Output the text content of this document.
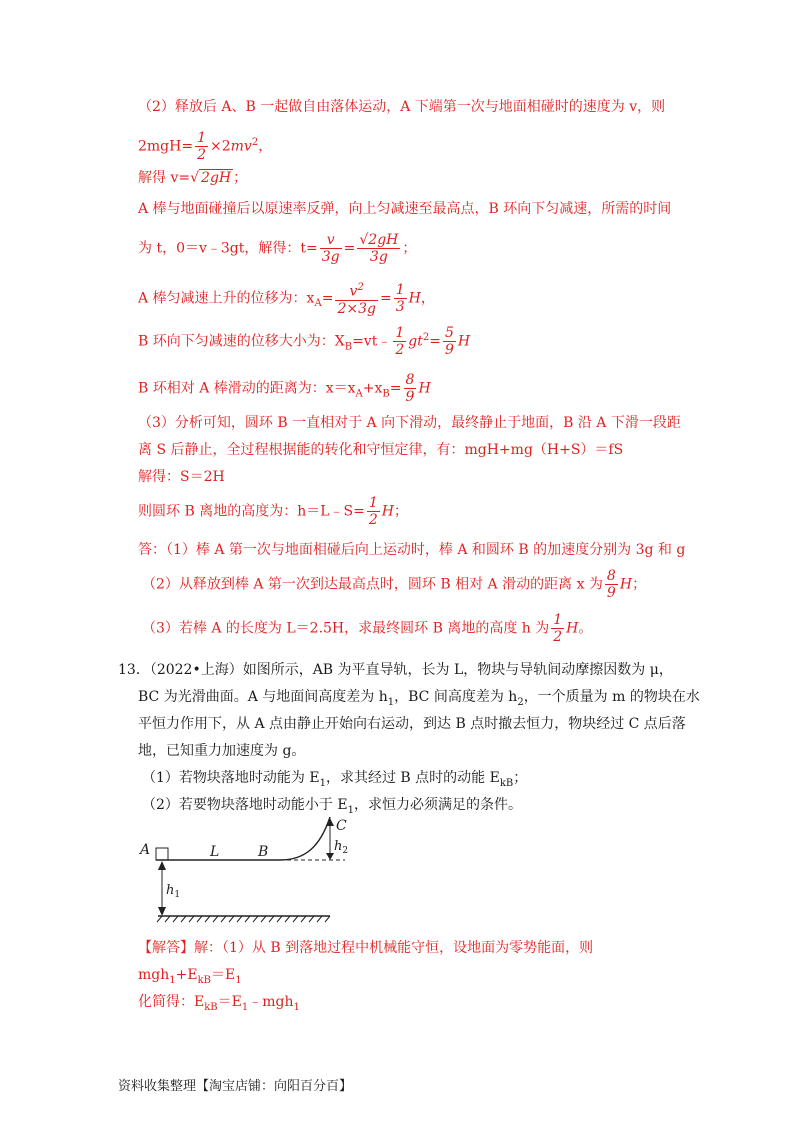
（2）释放后 A、B 一起做自由落体运动，A 下端第一次与地面相碰时的速度为 v，则
$2mgH= \frac{1}{2} \times 2mv^2$，
解得 v=√ 2gH ；
A 棒与地面碰撞后以原速率反弹，向上匀减速至最高点，B 环向下匀减速，所需的时间
为 t，0＝v﹣3gt，解得：$t= \frac{v}{3g} = \frac{√2gH}{3g}$ ；
A 棒匀减速上升的位移为：$x_A= \frac{v^2}{2\times 3g} = \frac{1}{3}$ H，
B 环向下匀减速的位移大小为：$X_B=vt﹣ \frac{1}{2} gt^2= \frac{5}{9}$ H
B 环相对 A 棒滑动的距离为：$x=x_A+x_B= \frac{8}{9}$ H
（3）分析可知，圆环 B 一直相对于 A 向下滑动，最终静止于地面，B 沿 A 下滑一段距
离 S 后静止，全过程根据能的转化和守恒定律，有：mgH+mg（H+S）＝fS
解得：S＝2H
则圆环 B 离地的高度为：h＝L﹣S= $\frac{1}{2}$ H；
答：（1）棒 A 第一次与地面相碰后向上运动时，棒 A 和圆环 B 的加速度分别为 3g 和 g
（2）从释放到棒 A 第一次到达最高点时，圆环 B 相对 A 滑动的距离 x 为 $\frac{8}{9}$ H；
（3）若棒 A 的长度为 L＝2.5H，求最终圆环 B 离地的高度 h 为 $\frac{1}{2}$ H。
13．（2022•上海）如图所示，AB 为平直导轨，长为 L，物块与导轨间动摩擦因数为 μ，
BC 为光滑曲面。A 与地面间高度差为 $h_1$，BC 间高度差为 $h_2$，一个质量为 m 的物块在水
平恒力作用下，从 A 点由静止开始向右运动，到达 B 点时撤去恒力，物块经过 C 点后落
地，已知重力加速度为 g。
（1）若物块落地时动能为 $E_1$，求其经过 B 点时的动能 $E_{kB}$；
（2）若要物块落地时动能小于 $E_1$，求恒力必须满足的条件。
A	L	B
C
$h_2$
$h_1$
【解答】解：（1）从 B 到落地过程中机械能守恒，设地面为零势能面，则
$mgh_1+E_{kB}=E_1$
化简得：$E_{kB}=E_1﹣mgh_1$
资料收集整理【淘宝店铺：向阳百分百】
